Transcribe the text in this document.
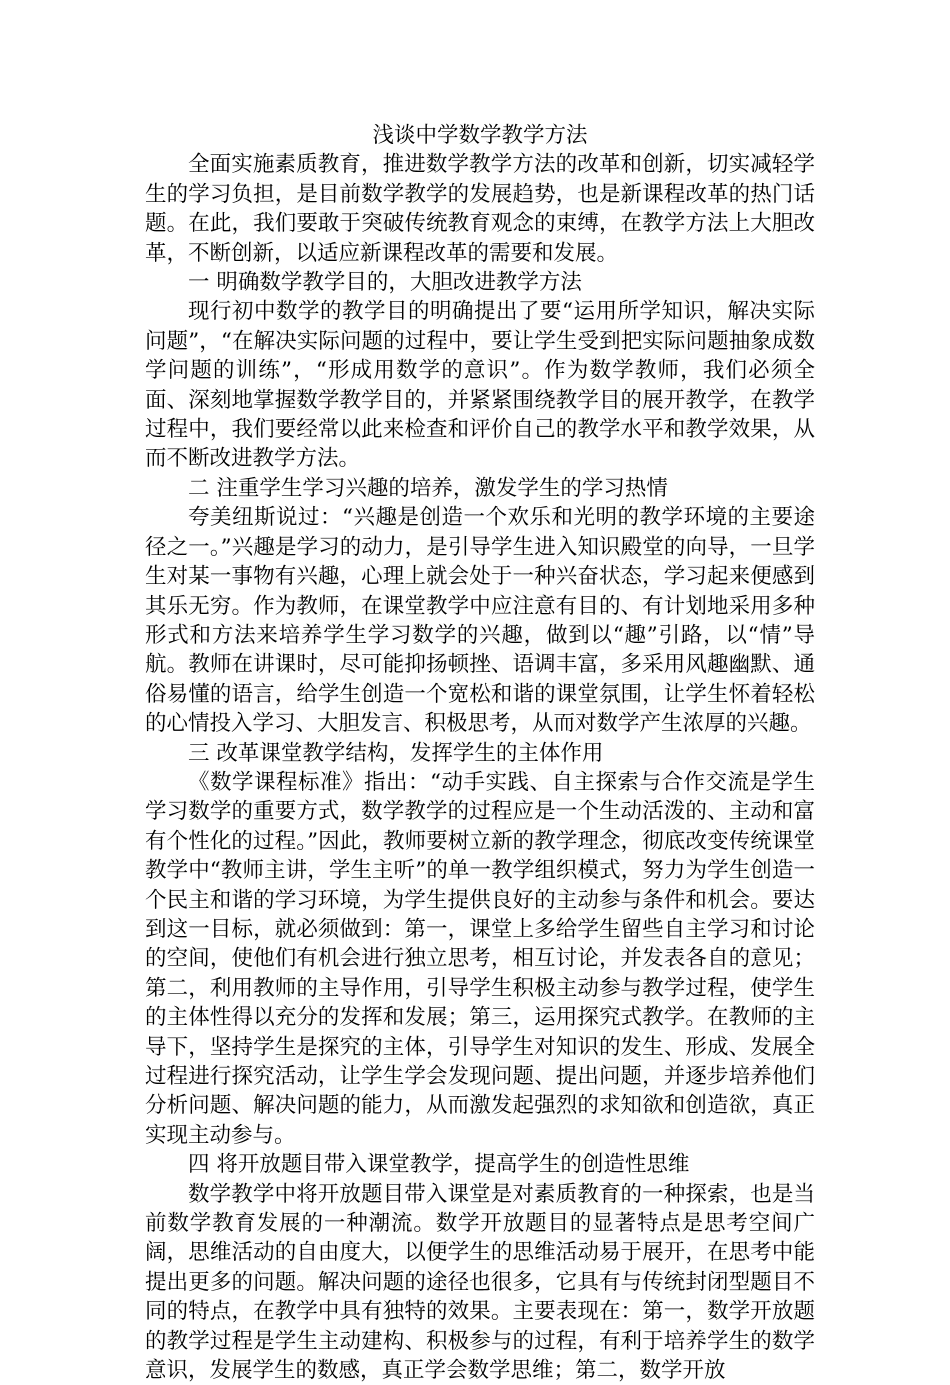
浅谈中学数学教学方法

全面实施素质教育，推进数学教学方法的改革和创新，切实减轻学生的学习负担，是目前数学教学的发展趋势，也是新课程改革的热门话题。在此，我们要敢于突破传统教育观念的束缚，在教学方法上大胆改革，不断创新，以适应新课程改革的需要和发展。

一 明确数学教学目的，大胆改进教学方法

现行初中数学的教学目的明确提出了要“运用所学知识，解决实际问题”，“在解决实际问题的过程中，要让学生受到把实际问题抽象成数学问题的训练”，“形成用数学的意识”。作为数学教师，我们必须全面、深刻地掌握数学教学目的，并紧紧围绕教学目的展开教学，在教学过程中，我们要经常以此来检查和评价自己的教学水平和教学效果，从而不断改进教学方法。

二 注重学生学习兴趣的培养，激发学生的学习热情

夸美纽斯说过：“兴趣是创造一个欢乐和光明的教学环境的主要途径之一。”兴趣是学习的动力，是引导学生进入知识殿堂的向导，一旦学生对某一事物有兴趣，心理上就会处于一种兴奋状态，学习起来便感到其乐无穷。作为教师，在课堂教学中应注意有目的、有计划地采用多种形式和方法来培养学生学习数学的兴趣，做到以“趣”引路，以“情”导航。教师在讲课时，尽可能抑扬顿挫、语调丰富，多采用风趣幽默、通俗易懂的语言，给学生创造一个宽松和谐的课堂氛围，让学生怀着轻松的心情投入学习、大胆发言、积极思考，从而对数学产生浓厚的兴趣。

三 改革课堂教学结构，发挥学生的主体作用

《数学课程标准》指出：“动手实践、自主探索与合作交流是学生学习数学的重要方式，数学教学的过程应是一个生动活泼的、主动和富有个性化的过程。”因此，教师要树立新的教学理念，彻底改变传统课堂教学中“教师主讲，学生主听”的单一教学组织模式，努力为学生创造一个民主和谐的学习环境，为学生提供良好的主动参与条件和机会。要达到这一目标，就必须做到：第一，课堂上多给学生留些自主学习和讨论的空间，使他们有机会进行独立思考，相互讨论，并发表各自的意见；第二，利用教师的主导作用，引导学生积极主动参与教学过程，使学生的主体性得以充分的发挥和发展；第三，运用探究式教学。在教师的主导下，坚持学生是探究的主体，引导学生对知识的发生、形成、发展全过程进行探究活动，让学生学会发现问题、提出问题，并逐步培养他们分析问题、解决问题的能力，从而激发起强烈的求知欲和创造欲，真正实现主动参与。

四 将开放题目带入课堂教学，提高学生的创造性思维

数学教学中将开放题目带入课堂是对素质教育的一种探索，也是当前数学教育发展的一种潮流。数学开放题目的显著特点是思考空间广阔，思维活动的自由度大，以便学生的思维活动易于展开，在思考中能提出更多的问题。解决问题的途径也很多，它具有与传统封闭型题目不同的特点，在教学中具有独特的效果。主要表现在：第一，数学开放题的教学过程是学生主动建构、积极参与的过程，有利于培养学生的数学意识，发展学生的数感，真正学会数学思维；第二，数学开放
